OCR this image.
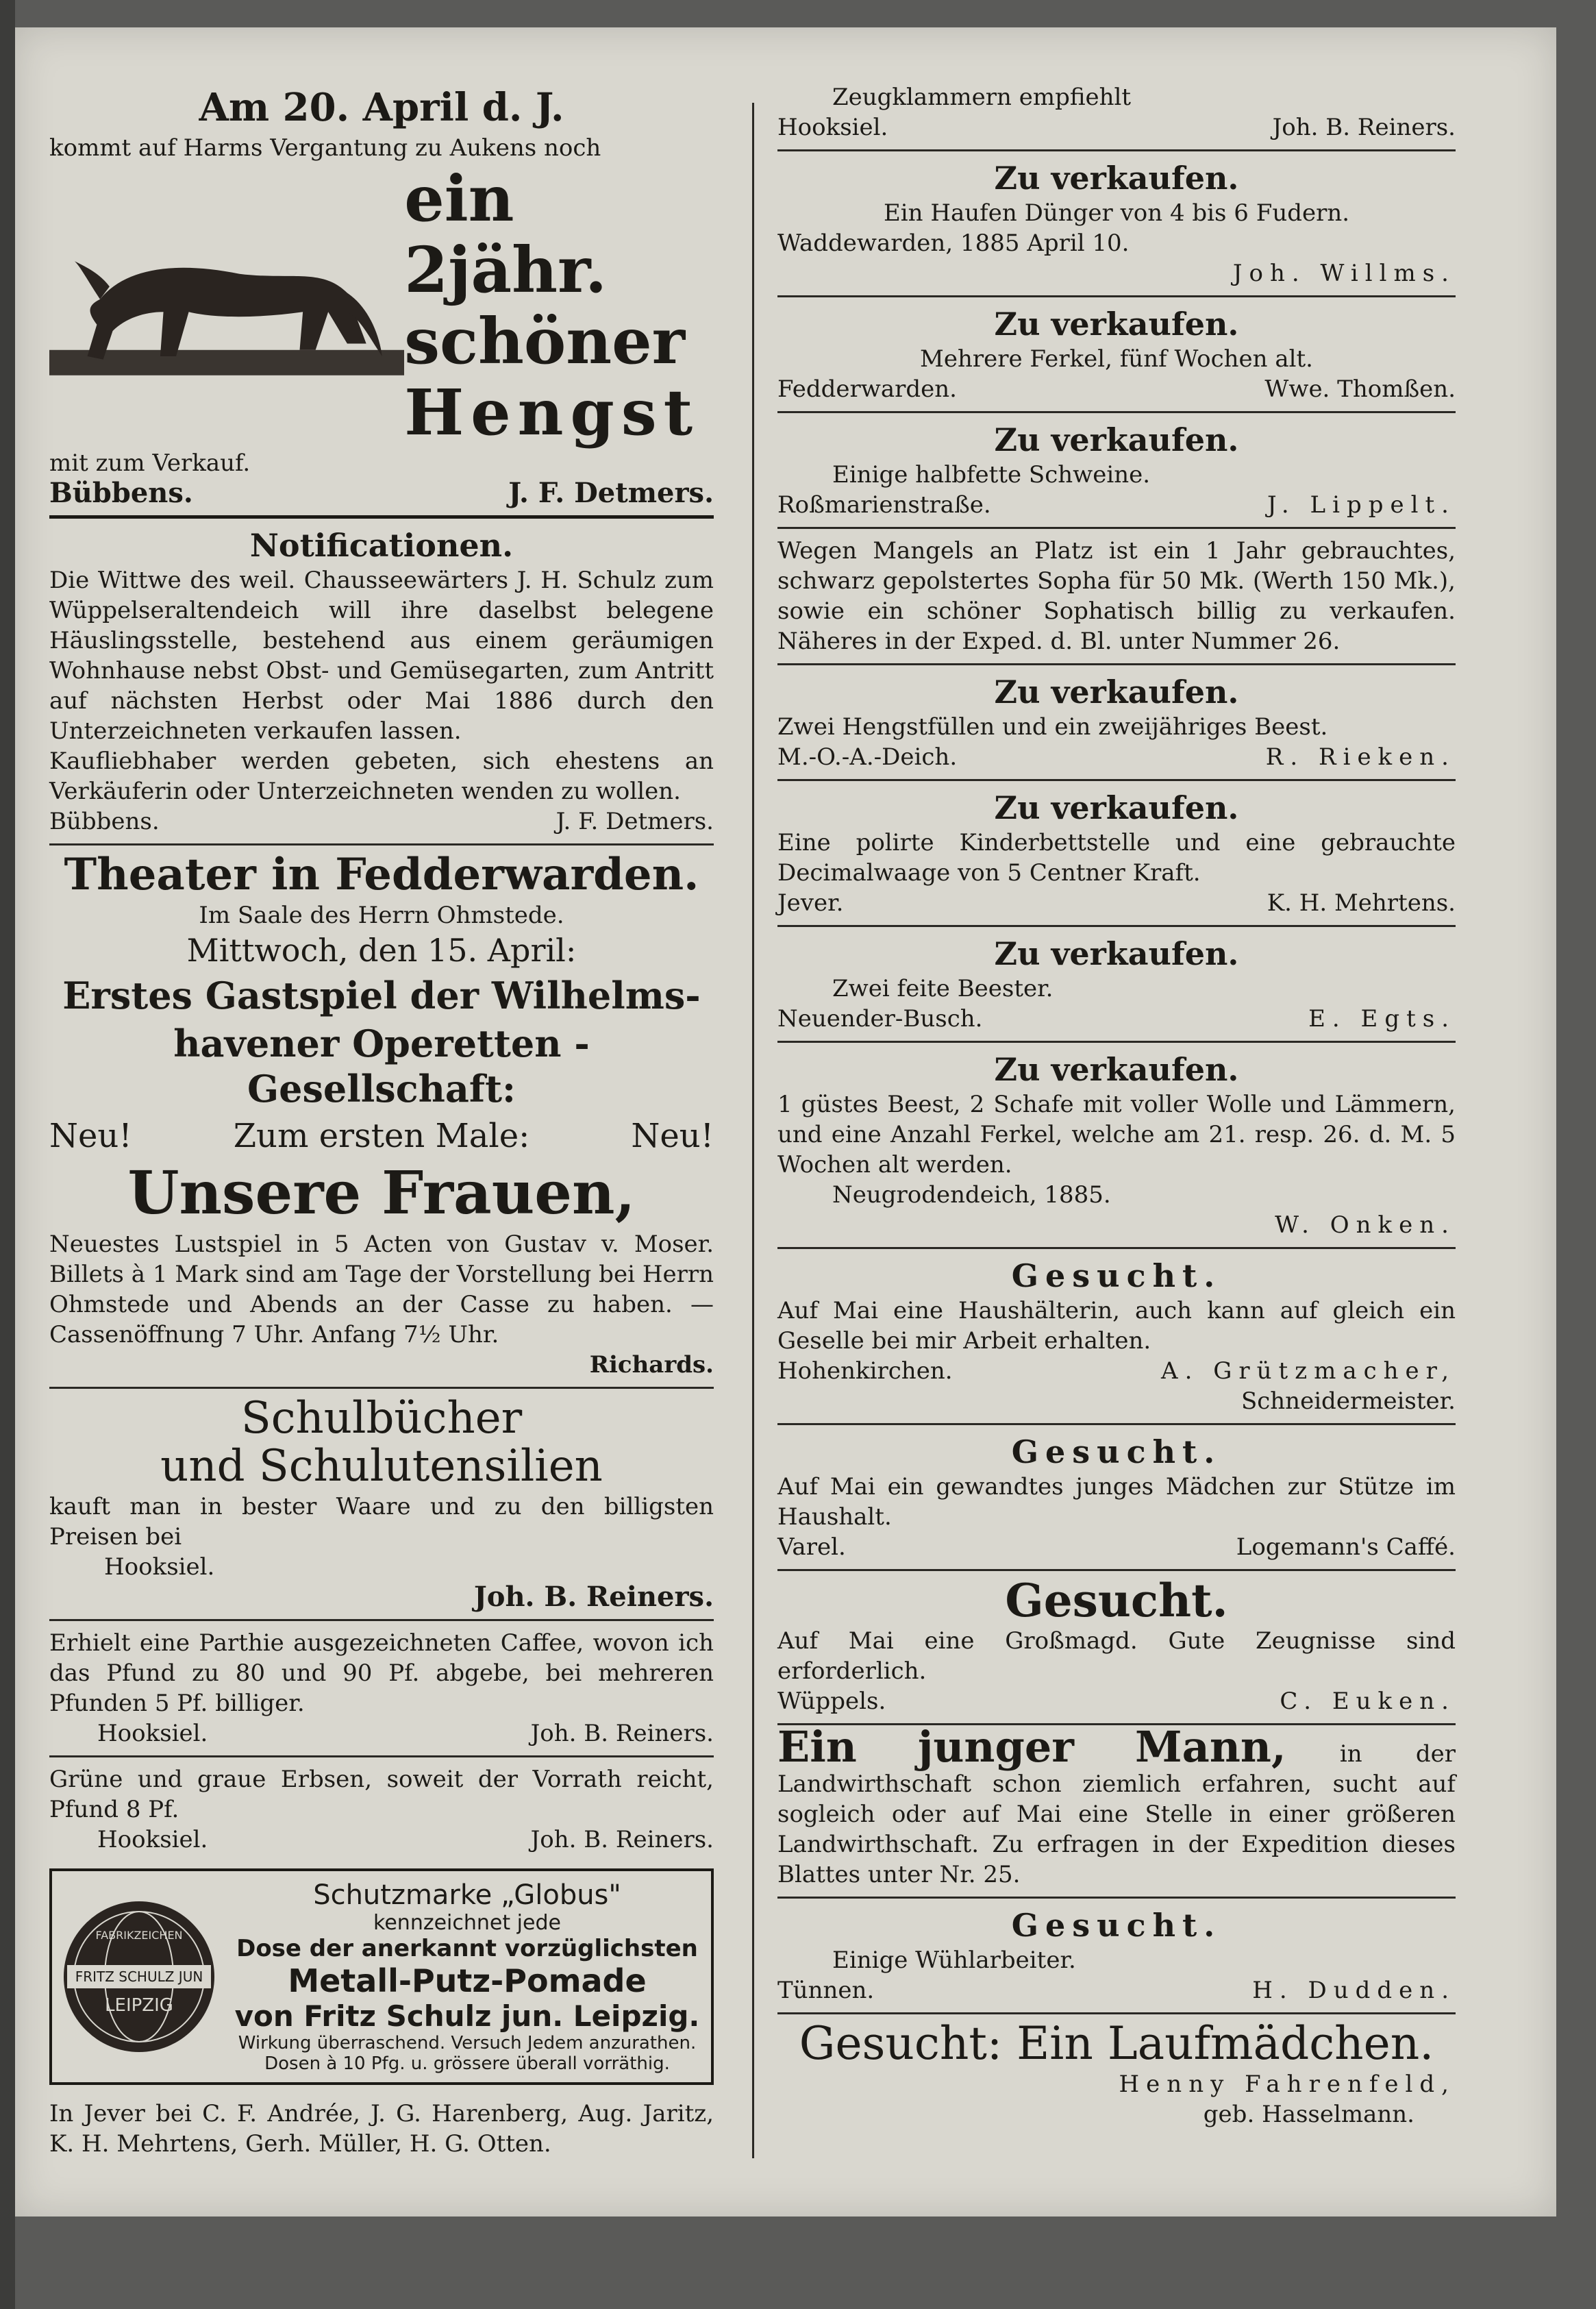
Am 20. April d. J.
kommt auf Harms Vergantung zu Aukens noch
ein 2jähr.
schöner
Hengst
mit zum Verkauf.
Bübbens.	J. F. Detmers.
Notificationen.

Die Wittwe des weil. Chausseewärters J. H. Schulz zum Wüppelseraltendeich will ihre daselbst belegene Häuslingsstelle, bestehend aus einem geräumigen Wohnhause nebst Obst- und Gemüsegarten, zum Antritt auf nächsten Herbst oder Mai 1886 durch den Unterzeichneten verkaufen lassen.

Kaufliebhaber werden gebeten, sich ehestens an Verkäuferin oder Unterzeichneten wenden zu wollen.

Bübbens.	J. F. Detmers.
Theater in Fedderwarden.
Im Saale des Herrn Ohmstede.
Mittwoch, den 15. April:
Erstes Gastspiel der Wilhelms-
havener Operetten - Gesellschaft:
Neu!	Zum ersten Male:	Neu!
Unsere Frauen,

Neuestes Lustspiel in 5 Acten von Gustav v. Moser. Billets à 1 Mark sind am Tage der Vorstellung bei Herrn Ohmstede und Abends an der Casse zu haben. — Cassenöffnung 7 Uhr. Anfang 7½ Uhr.

Richards.
Schulbücher
und Schulutensilien

kauft man in bester Waare und zu den billigsten Preisen bei

Hooksiel.
Joh. B. Reiners.

Erhielt eine Parthie ausgezeichneten Caffee, wovon ich das Pfund zu 80 und 90 Pf. abgebe, bei mehreren Pfunden 5 Pf. billiger.

Hooksiel.	Joh. B. Reiners.

Grüne und graue Erbsen, soweit der Vorrath reicht, Pfund 8 Pf.

Hooksiel.	Joh. B. Reiners.
FRITZ SCHULZ JUN
FABRIKZEICHEN
LEIPZIG
Schutzmarke „Globus"
kennzeichnet jede
Dose der anerkannt vorzüglichsten
Metall-Putz-Pomade
von Fritz Schulz jun. Leipzig.
Wirkung überraschend. Versuch Jedem anzurathen.
Dosen à 10 Pfg. u. grössere überall vorräthig.

In Jever bei C. F. Andrée, J. G. Harenberg, Aug. Jaritz, K. H. Mehrtens, Gerh. Müller, H. G. Otten.

Zeugklammern empfiehlt
Hooksiel.	Joh. B. Reiners.
Zu verkaufen.
Ein Haufen Dünger von 4 bis 6 Fudern.
Waddewarden, 1885 April 10.
Joh. Willms.
Zu verkaufen.
Mehrere Ferkel, fünf Wochen alt.
Fedderwarden.	Wwe. Thomßen.
Zu verkaufen.
Einige halbfette Schweine.
Roßmarienstraße.	J. Lippelt.

Wegen Mangels an Platz ist ein 1 Jahr gebrauchtes, schwarz gepolstertes Sopha für 50 Mk. (Werth 150 Mk.), sowie ein schöner Sophatisch billig zu verkaufen. Näheres in der Exped. d. Bl. unter Nummer 26.

Zu verkaufen.
Zwei Hengstfüllen und ein zweijähriges Beest.
M.-O.-A.-Deich.	R. Rieken.
Zu verkaufen.

Eine polirte Kinderbettstelle und eine gebrauchte Decimalwaage von 5 Centner Kraft.

Jever.	K. H. Mehrtens.
Zu verkaufen.
Zwei feite Beester.
Neuender-Busch.	E. Egts.
Zu verkaufen.

1 güstes Beest, 2 Schafe mit voller Wolle und Lämmern, und eine Anzahl Ferkel, welche am 21. resp. 26. d. M. 5 Wochen alt werden.

Neugrodendeich, 1885.
W. Onken.
Gesucht.

Auf Mai eine Haushälterin, auch kann auf gleich ein Geselle bei mir Arbeit erhalten.

Hohenkirchen.	A. Grützmacher,
Schneidermeister.
Gesucht.

Auf Mai ein gewandtes junges Mädchen zur Stütze im Haushalt.

Varel.	Logemann's Caffé.
Gesucht.

Auf Mai eine Großmagd. Gute Zeugnisse sind erforderlich.

Wüppels.	C. Euken.

Ein junger Mann, in der Landwirthschaft schon ziemlich erfahren, sucht auf sogleich oder auf Mai eine Stelle in einer größeren Landwirthschaft. Zu erfragen in der Expedition dieses Blattes unter Nr. 25.

Gesucht.
Einige Wühlarbeiter.
Tünnen.	H. Dudden.
Gesucht: Ein Laufmädchen.
Henny Fahrenfeld,
geb. Hasselmann.
